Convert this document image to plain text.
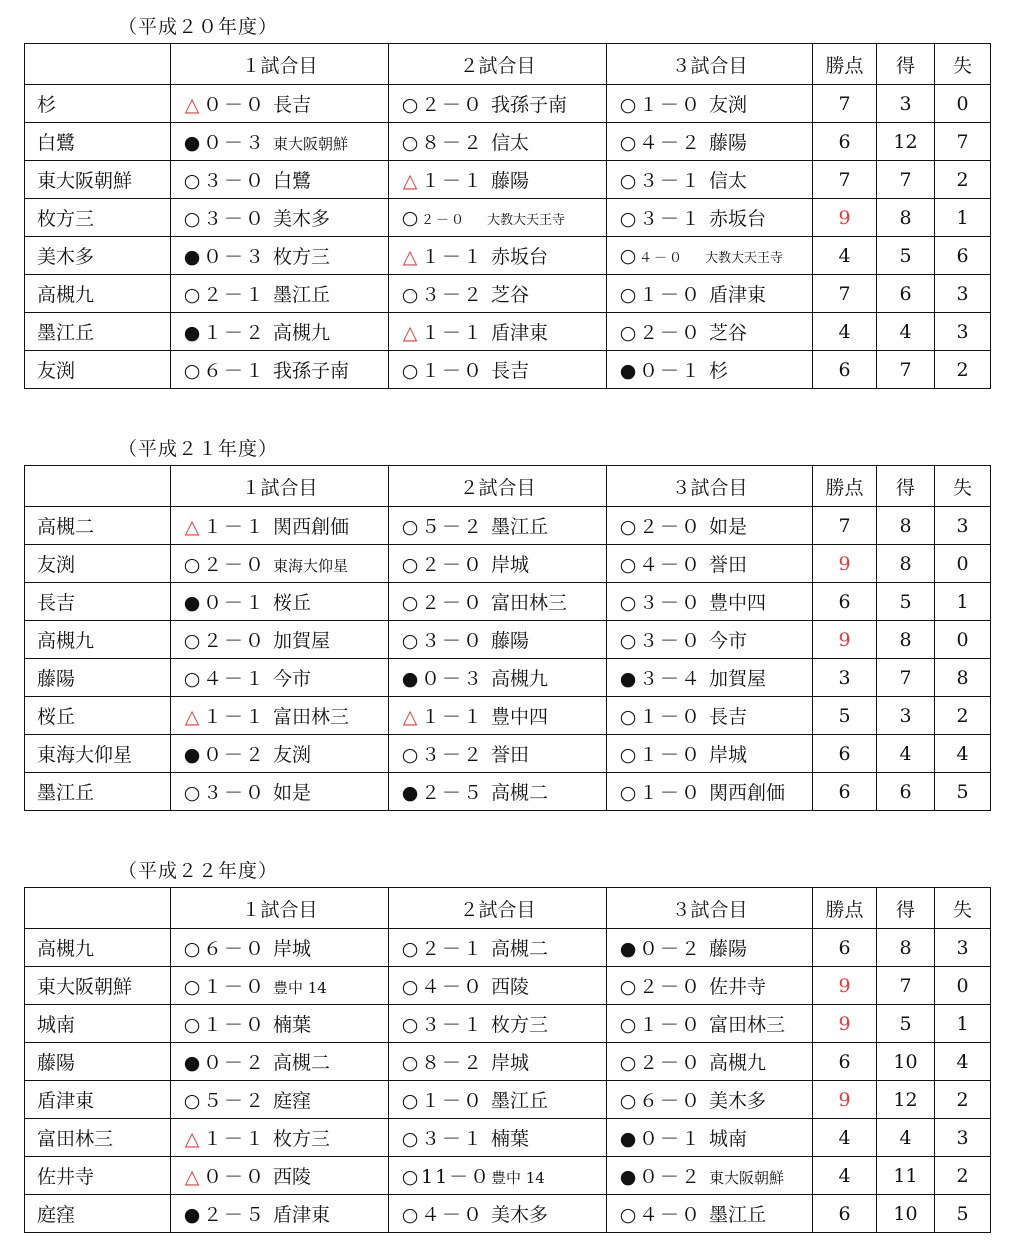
（平成２０年度）
	１試合目	２試合目	３試合目	勝点	得	失
杉	△ ０－０ 長吉	○ ２－０ 我孫子南	○ １－０ 友渕	7	3	0
白鷺	● ０－３ 東大阪朝鮮	○ ８－２ 信太	○ ４－２ 藤陽	6	12	7
東大阪朝鮮	○ ３－０ 白鷺	△ １－１ 藤陽	○ ３－１ 信太	7	7	2
枚方三	○ ３－０ 美木多	○ ２－０ 大教大天王寺	○ ３－１ 赤坂台	9	8	1
美木多	● ０－３ 枚方三	△ １－１ 赤坂台	○ ４－０ 大教大天王寺	4	5	6
高槻九	○ ２－１ 墨江丘	○ ３－２ 芝谷	○ １－０ 盾津東	7	6	3
墨江丘	● １－２ 高槻九	△ １－１ 盾津東	○ ２－０ 芝谷	4	4	3
友渕	○ ６－１ 我孫子南	○ １－０ 長吉	● ０－１ 杉	6	7	2
（平成２１年度）
	１試合目	２試合目	３試合目	勝点	得	失
高槻二	△ １－１ 関西創価	○ ５－２ 墨江丘	○ ２－０ 如是	7	8	3
友渕	○ ２－０ 東海大仰星	○ ２－０ 岸城	○ ４－０ 誉田	9	8	0
長吉	● ０－１ 桜丘	○ ２－０ 富田林三	○ ３－０ 豊中四	6	5	1
高槻九	○ ２－０ 加賀屋	○ ３－０ 藤陽	○ ３－０ 今市	9	8	0
藤陽	○ ４－１ 今市	● ０－３ 高槻九	● ３－４ 加賀屋	3	7	8
桜丘	△ １－１ 富田林三	△ １－１ 豊中四	○ １－０ 長吉	5	3	2
東海大仰星	● ０－２ 友渕	○ ３－２ 誉田	○ １－０ 岸城	6	4	4
墨江丘	○ ３－０ 如是	● ２－５ 高槻二	○ １－０ 関西創価	6	6	5
（平成２２年度）
	１試合目	２試合目	３試合目	勝点	得	失
高槻九	○ ６－０ 岸城	○ ２－１ 高槻二	● ０－２ 藤陽	6	8	3
東大阪朝鮮	○ １－０ 豊中 14	○ ４－０ 西陵	○ ２－０ 佐井寺	9	7	0
城南	○ １－０ 楠葉	○ ３－１ 枚方三	○ １－０ 富田林三	9	5	1
藤陽	● ０－２ 高槻二	○ ８－２ 岸城	○ ２－０ 高槻九	6	10	4
盾津東	○ ５－２ 庭窪	○ １－０ 墨江丘	○ ６－０ 美木多	9	12	2
富田林三	△ １－１ 枚方三	○ ３－１ 楠葉	● ０－１ 城南	4	4	3
佐井寺	△ ０－０ 西陵	○ 11－０豊中 14	● ０－２ 東大阪朝鮮	4	11	2
庭窪	● ２－５ 盾津東	○ ４－０ 美木多	○ ４－０ 墨江丘	6	10	5
